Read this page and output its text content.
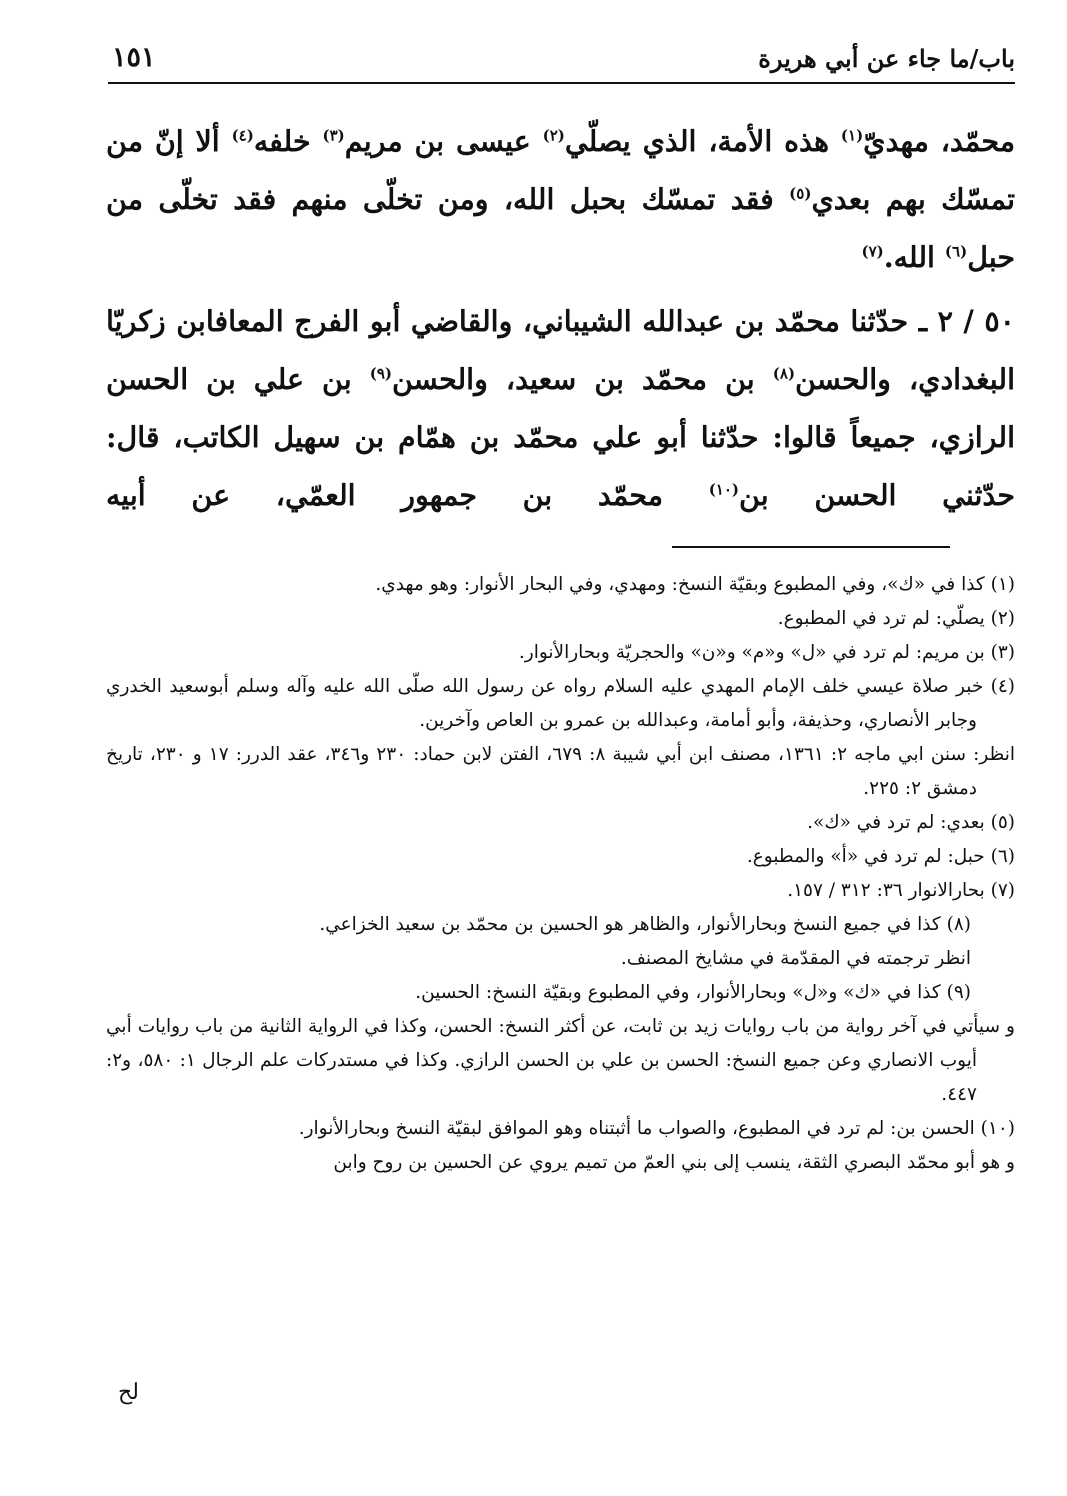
باب/ما جاء عن أبي هريرة
١٥١

محمّد، مهديّ$^{(١)}$ هذه الأمة، الذي يصلّي$^{(٢)}$ عيسى بن مريم$^{(٣)}$ خلفه$^{(٤)}$ ألا إنّ من تمسّك بهم بعدي$^{(٥)}$ فقد تمسّك بحبل الله، ومن تخلّى منهم فقد تخلّى من حبل$^{(٦)}$ الله.$^{(٧)}$

٥٠ / ٢ ـ حدّثنا محمّد بن عبدالله الشيباني، والقاضي أبو الفرج المعافابن زكريّا البغدادي، والحسن$^{(٨)}$ بن محمّد بن سعيد، والحسن$^{(٩)}$ بن علي بن الحسن الرازي، جميعاً قالوا: حدّثنا أبو علي محمّد بن همّام بن سهيل الكاتب، قال: حدّثني الحسن بن$^{(١٠)}$ محمّد بن جمهور العمّي، عن أبيه

(١) كذا في «ك»، وفي المطبوع وبقيّة النسخ: ومهدي، وفي البحار الأنوار: وهو مهدي.

(٢) يصلّي: لم ترد في المطبوع.

(٣) بن مريم: لم ترد في «ل» و«م» و«ن» والحجريّة وبحارالأنوار.

(٤) خبر صلاة عيسي خلف الإمام المهدي عليه السلام رواه عن رسول الله صلّى الله عليه وآله وسلم أبوسعيد الخدري وجابر الأنصاري، وحذيفة، وأبو أمامة، وعبدالله بن عمرو بن العاص وآخرين.

انظر: سنن ابي ماجه ٢: ١٣٦١، مصنف ابن أبي شيبة ٨: ٦٧٩، الفتن لابن حماد: ٢٣٠ و٣٤٦، عقد الدرر: ١٧ و ٢٣٠، تاريخ دمشق ٢: ٢٢٥.

(٥) بعدي: لم ترد في «ك».

(٦) حبل: لم ترد في «أ» والمطبوع.

(٧) بحارالانوار ٣٦: ٣١٢ / ١٥٧.

(٨) كذا في جميع النسخ وبحارالأنوار، والظاهر هو الحسين بن محمّد بن سعيد الخزاعي.

انظر ترجمته في المقدّمة في مشايخ المصنف.

(٩) كذا في «ك» و«ل» وبحارالأنوار، وفي المطبوع وبقيّة النسخ: الحسين.

و سيأتي في آخر رواية من باب روايات زيد بن ثابت، عن أكثر النسخ: الحسن، وكذا في الرواية الثانية من باب روايات أبي أيوب الانصاري وعن جميع النسخ: الحسن بن علي بن الحسن الرازي. وكذا في مستدركات علم الرجال ١: ٥٨٠، و٢: ٤٤٧.

(١٠) الحسن بن: لم ترد في المطبوع، والصواب ما أثبتناه وهو الموافق لبقيّة النسخ وبحارالأنوار.

و هو أبو محمّد البصري الثقة، ينسب إلى بني العمّ من تميم يروي عن الحسين بن روح وابن

لح
